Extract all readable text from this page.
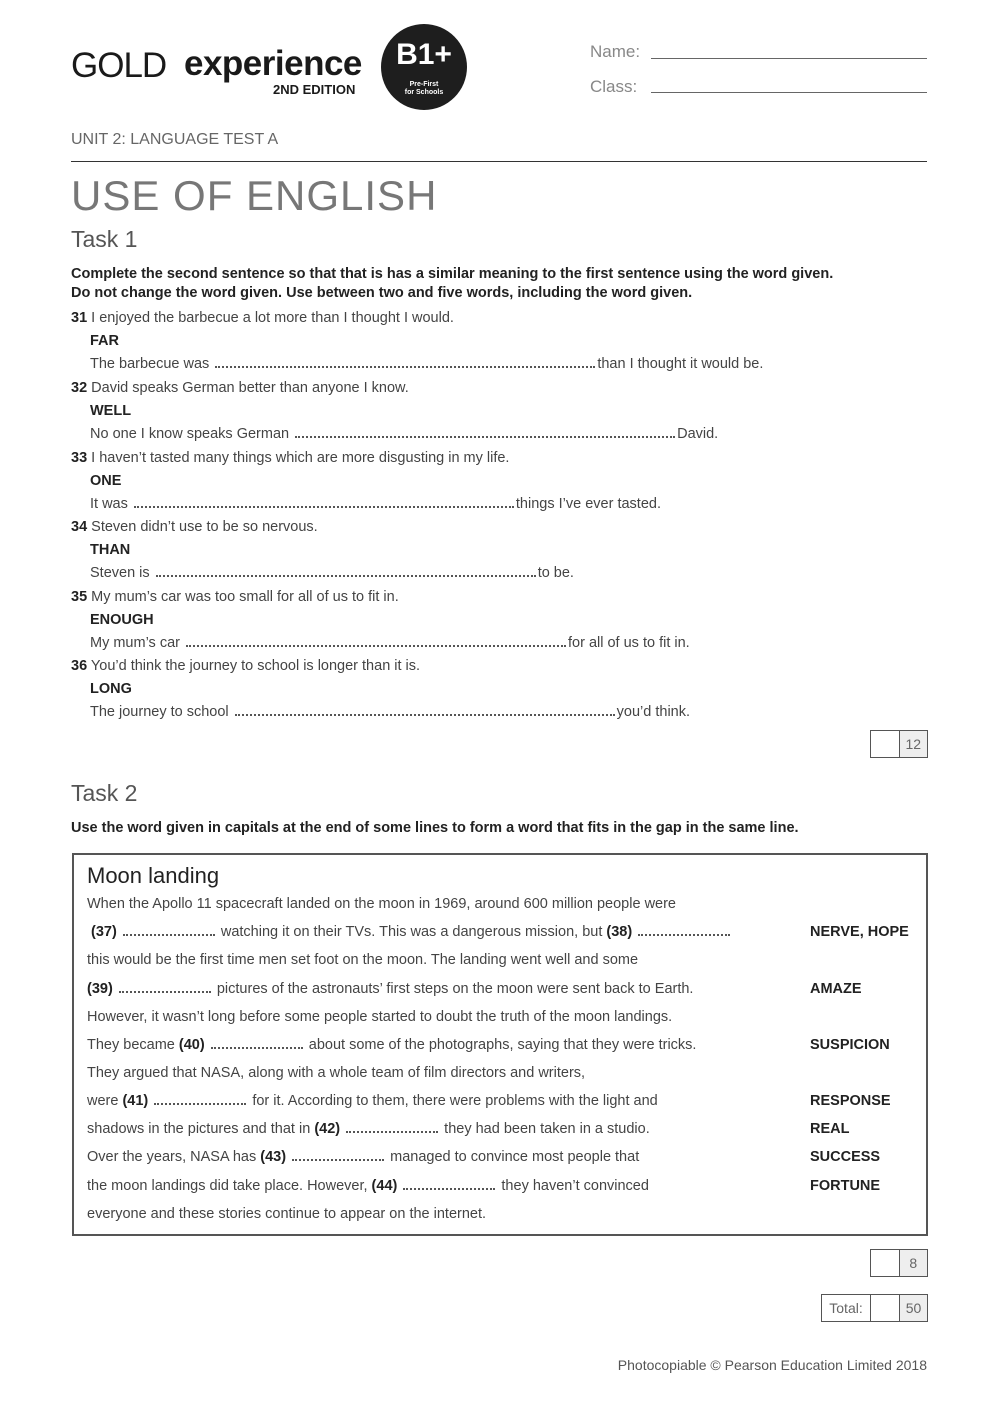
GOLD experience
2ND EDITION
B1+
Pre-First
for Schools
Name:
Class:
UNIT 2: LANGUAGE TEST A
USE OF ENGLISH
Task 1
Complete the second sentence so that that is has a similar meaning to the first sentence using the word given.
Do not change the word given. Use between two and five words, including the word given.
31 I enjoyed the barbecue a lot more than I thought I would.
FAR
The barbecue was	than I thought it would be.
32 David speaks German better than anyone I know.
WELL
No one I know speaks German	David.
33 I haven’t tasted many things which are more disgusting in my life.
ONE
It was	things I’ve ever tasted.
34 Steven didn’t use to be so nervous.
THAN
Steven is	to be.
35 My mum’s car was too small for all of us to fit in.
ENOUGH
My mum’s car	for all of us to fit in.
36 You’d think the journey to school is longer than it is.
LONG
The journey to school	you’d think.
12
Task 2
Use the word given in capitals at the end of some lines to form a word that fits in the gap in the same line.
Moon landing
When the Apollo 11 spacecraft landed on the moon in 1969, around 600 million people were
(37)	watching it on their TVs. This was a dangerous mission, but (38)	NERVE, HOPE
this would be the first time men set foot on the moon. The landing went well and some
(39)	pictures of the astronauts’ first steps on the moon were sent back to Earth.	AMAZE
However, it wasn’t long before some people started to doubt the truth of the moon landings.
They became (40)	about some of the photographs, saying that they were tricks.	SUSPICION
They argued that NASA, along with a whole team of film directors and writers,
were (41)	for it. According to them, there were problems with the light and	RESPONSE
shadows in the pictures and that in (42)	they had been taken in a studio.	REAL
Over the years, NASA has (43)	managed to convince most people that	SUCCESS
the moon landings did take place. However, (44)	they haven’t convinced	FORTUNE
everyone and these stories continue to appear on the internet.
8
Total:	50
Photocopiable © Pearson Education Limited 2018
